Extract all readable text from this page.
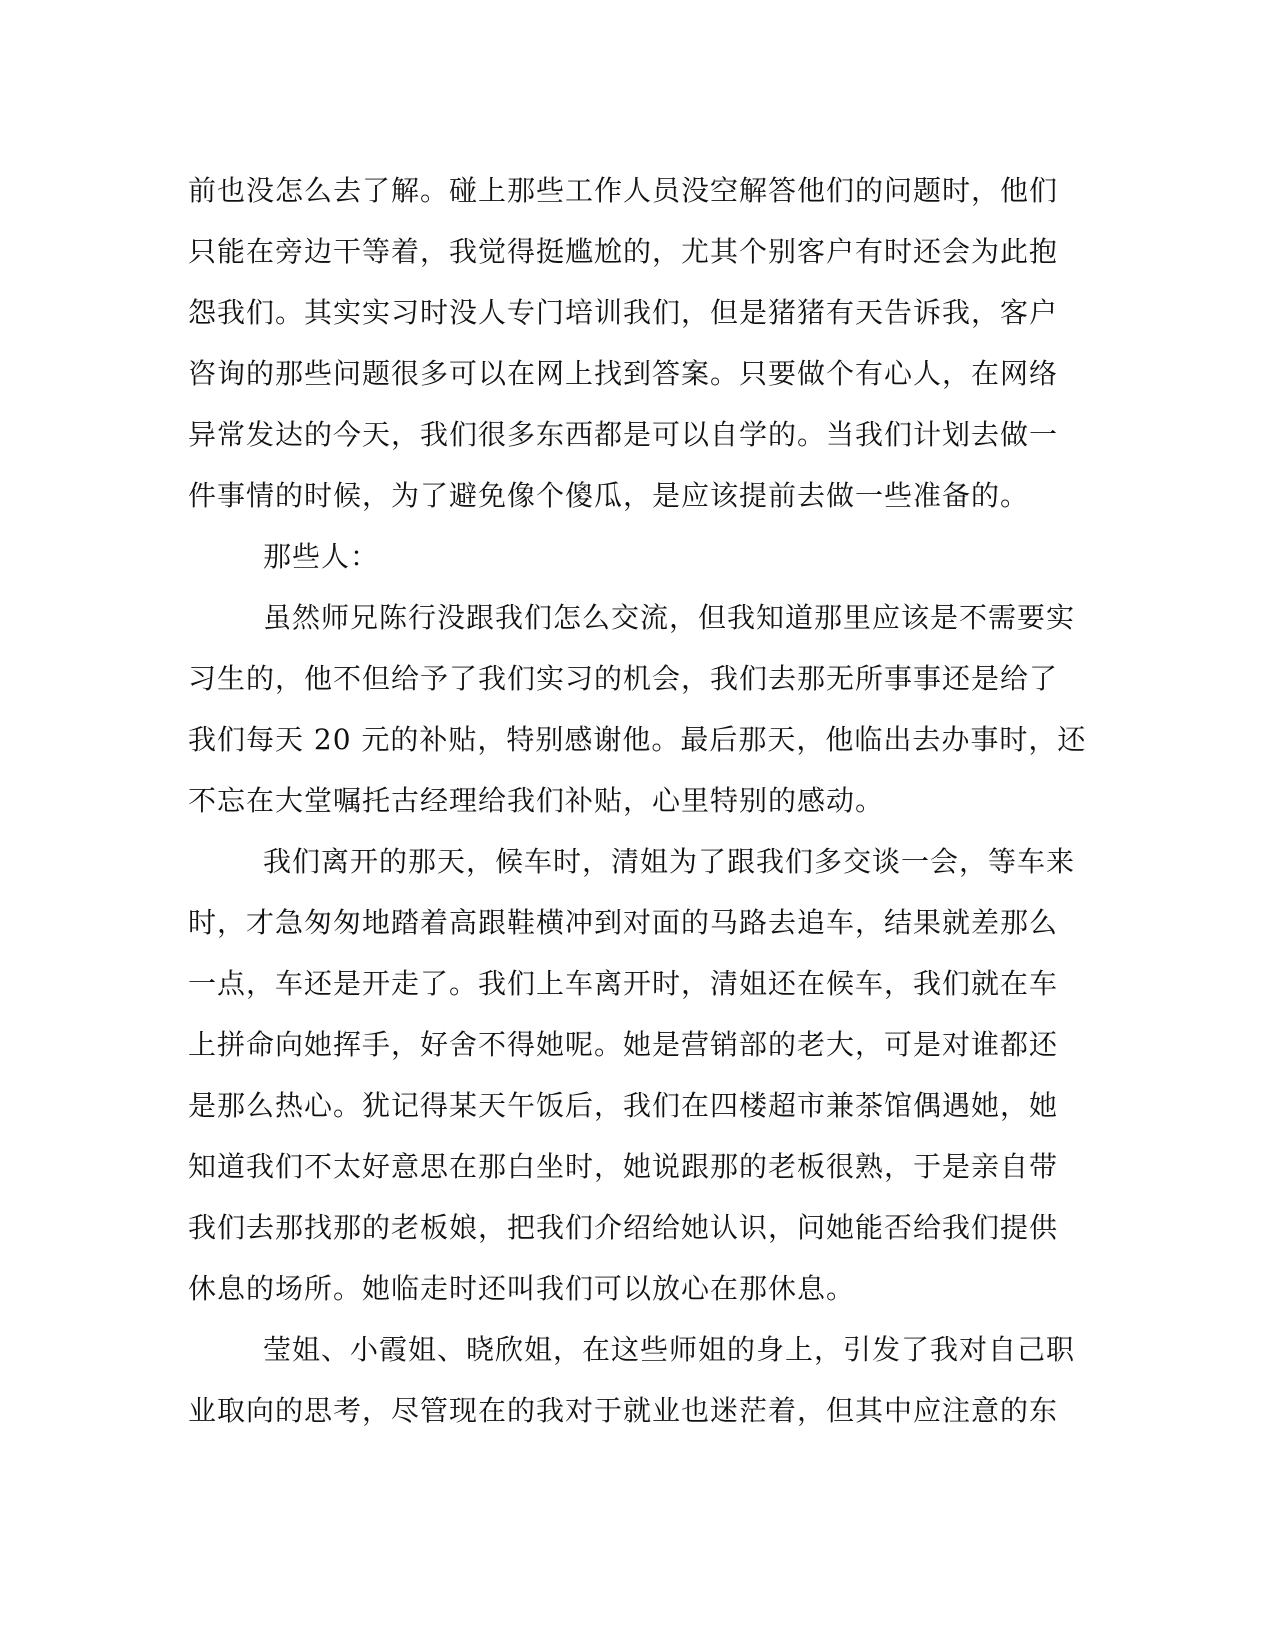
前也没怎么去了解。碰上那些工作人员没空解答他们的问题时，他们
只能在旁边干等着，我觉得挺尴尬的，尤其个别客户有时还会为此抱
怨我们。其实实习时没人专门培训我们，但是猪猪有天告诉我，客户
咨询的那些问题很多可以在网上找到答案。只要做个有心人，在网络
异常发达的今天，我们很多东西都是可以自学的。当我们计划去做一
件事情的时候，为了避免像个傻瓜，是应该提前去做一些准备的。
那些人：
虽然师兄陈行没跟我们怎么交流，但我知道那里应该是不需要实
习生的，他不但给予了我们实习的机会，我们去那无所事事还是给了
我们每天 20 元的补贴，特别感谢他。最后那天，他临出去办事时，还
不忘在大堂嘱托古经理给我们补贴，心里特别的感动。
我们离开的那天，候车时，清姐为了跟我们多交谈一会，等车来
时，才急匆匆地踏着高跟鞋横冲到对面的马路去追车，结果就差那么
一点，车还是开走了。我们上车离开时，清姐还在候车，我们就在车
上拼命向她挥手，好舍不得她呢。她是营销部的老大，可是对谁都还
是那么热心。犹记得某天午饭后，我们在四楼超市兼茶馆偶遇她，她
知道我们不太好意思在那白坐时，她说跟那的老板很熟，于是亲自带
我们去那找那的老板娘，把我们介绍给她认识，问她能否给我们提供
休息的场所。她临走时还叫我们可以放心在那休息。
莹姐、小霞姐、晓欣姐，在这些师姐的身上，引发了我对自己职
业取向的思考，尽管现在的我对于就业也迷茫着，但其中应注意的东
